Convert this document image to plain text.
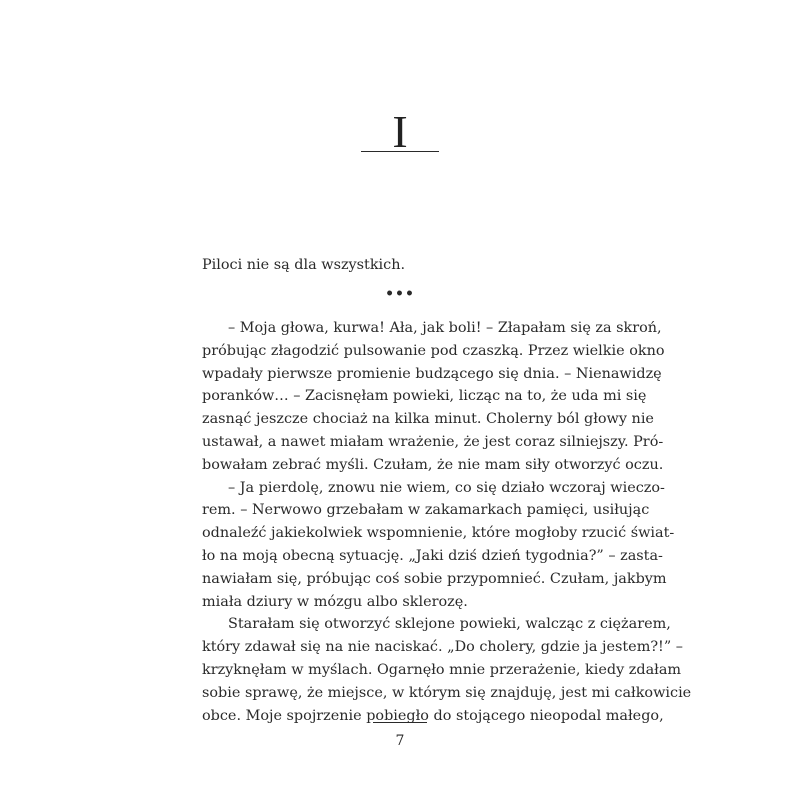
I

Piloci nie są dla wszystkich.

•••
– Moja głowa, kurwa! Ała, jak boli! – Złapałam się za skroń,
próbując złagodzić pulsowanie pod czaszką. Przez wielkie okno
wpadały pierwsze promienie budzącego się dnia. – Nienawidzę
poranków… – Zacisnęłam powieki, licząc na to, że uda mi się
zasnąć jeszcze chociaż na kilka minut. Cholerny ból głowy nie
ustawał, a nawet miałam wrażenie, że jest coraz silniejszy. Pró-
bowałam zebrać myśli. Czułam, że nie mam siły otworzyć oczu.
– Ja pierdolę, znowu nie wiem, co się działo wczoraj wieczo-
rem. – Nerwowo grzebałam w zakamarkach pamięci, usiłując
odnaleźć jakiekolwiek wspomnienie, które mogłoby rzucić świat-
ło na moją obecną sytuację. „Jaki dziś dzień tygodnia?” – zasta-
nawiałam się, próbując coś sobie przypomnieć. Czułam, jakbym
miała dziury w mózgu albo sklerozę.
Starałam się otworzyć sklejone powieki, walcząc z ciężarem,
który zdawał się na nie naciskać. „Do cholery, gdzie ja jestem?!” –
krzyknęłam w myślach. Ogarnęło mnie przerażenie, kiedy zdałam
sobie sprawę, że miejsce, w którym się znajduję, jest mi całkowicie
obce. Moje spojrzenie pobiegło do stojącego nieopodal małego,
7
